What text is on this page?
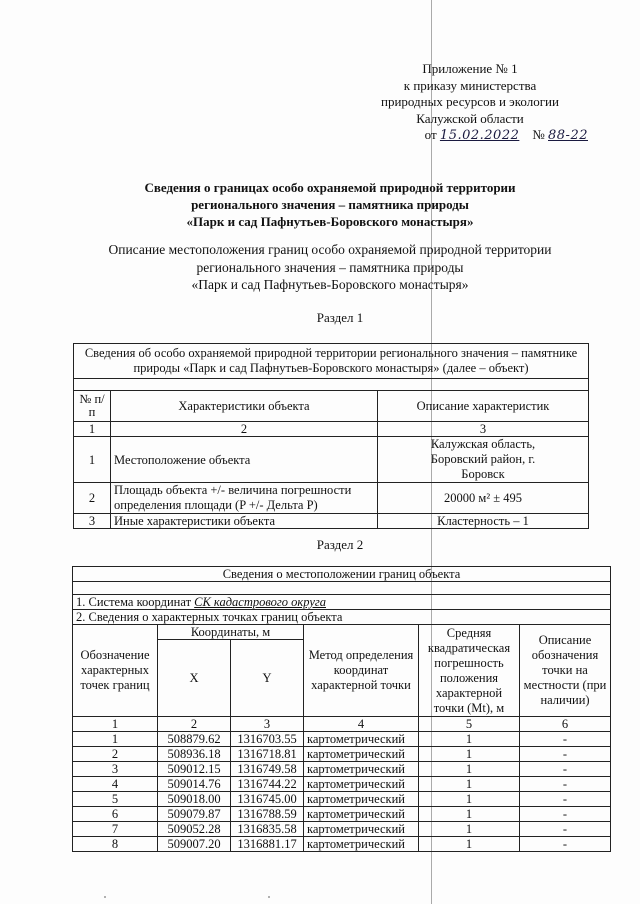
Приложение № 1
к приказу министерства
природных ресурсов и экологии
Калужской области
от 15.02.2022 № 88-22
Сведения о границах особо охраняемой природной территории
регионального значения – памятника природы
«Парк и сад Пафнутьев-Боровского монастыря»
Описание местоположения границ особо охраняемой природной территории
регионального значения – памятника природы
«Парк и сад Пафнутьев-Боровского монастыря»
Раздел 1
Сведения об особо охраняемой природной территории регионального значения – памятнике природы «Парк и сад Пафнутьев-Боровского монастыря» (далее – объект)		

№ п/п	Характеристики объекта	Описание характеристик
1	2	3
1	Местоположение объекта	Калужская область, Боровский район, г. Боровск
2	Площадь объекта +/- величина погрешности определения площади (P +/- Дельта P)	20000 м² ± 495
3	Иные характеристики объекта	Кластерность – 1
Раздел 2
Сведения о местоположении границ объекта					

1. Система координат СК кадастрового округа					
2. Сведения о характерных точках границ объекта					
Обозначение характерных точек границ	Координаты, м		Метод определения координат характерной точки	Средняя квадратическая погрешность положения характерной точки (Mt), м	Описание обозначения точки на местности (при наличии)
	X	Y			
1	2	3	4	5	6
1	508879.62	1316703.55	картометрический	1	-
2	508936.18	1316718.81	картометрический	1	-
3	509012.15	1316749.58	картометрический	1	-
4	509014.76	1316744.22	картометрический	1	-
5	509018.00	1316745.00	картометрический	1	-
6	509079.87	1316788.59	картометрический	1	-
7	509052.28	1316835.58	картометрический	1	-
8	509007.20	1316881.17	картометрический	1	-
